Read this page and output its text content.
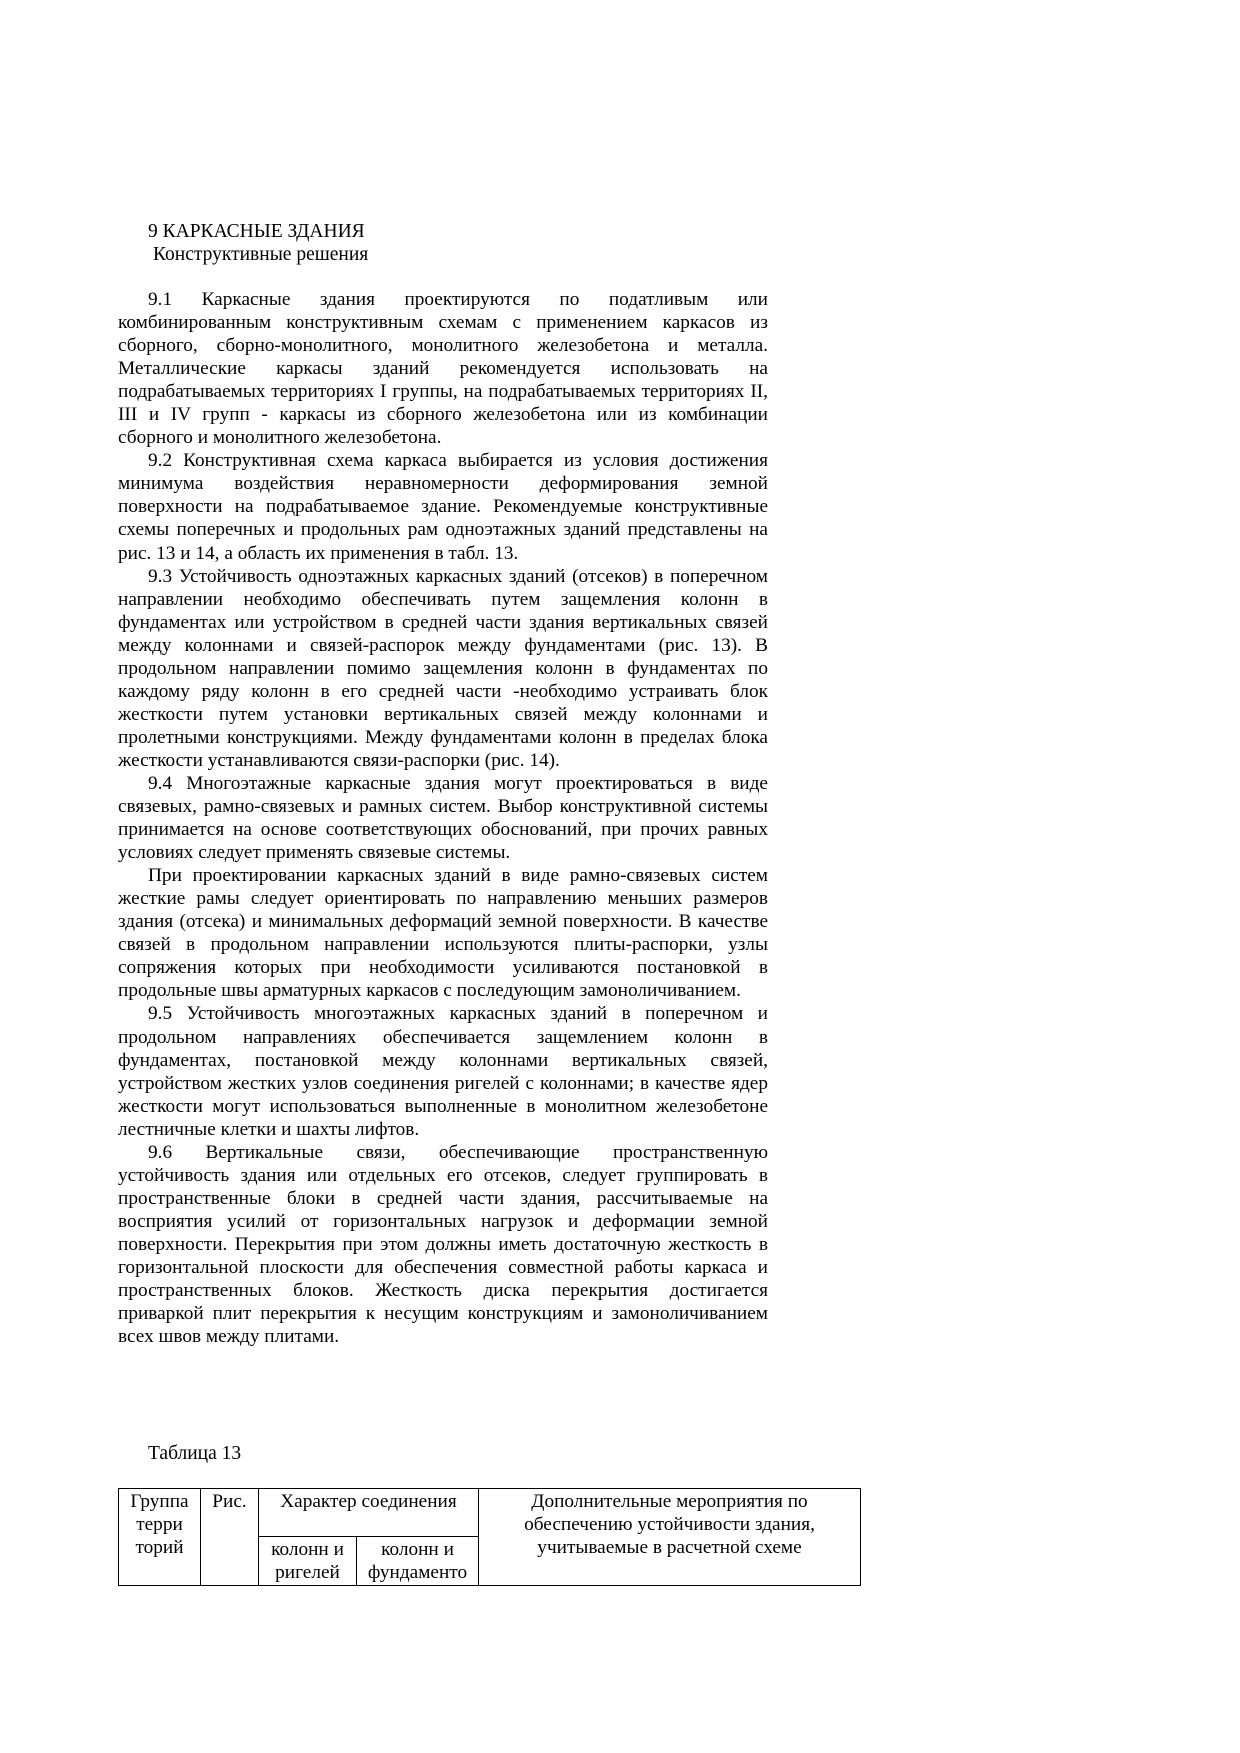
9 КАРКАСНЫЕ ЗДАНИЯ
Конструктивные решения

9.1 Каркасные здания проектируются по податливым или комбинированным конструктивным схемам с применением каркасов из сборного, сборно-монолитного, монолитного железобетона и металла. Металлические каркасы зданий рекомендуется использовать на подрабатываемых территориях I группы, на подрабатываемых территориях II, III и IV групп - каркасы из сборного железобетона или из комбинации сборного и монолитного железобетона.

9.2 Конструктивная схема каркаса выбирается из условия достижения минимума воздействия неравномерности деформирования земной поверхности на подрабатываемое здание. Рекомендуемые конструктивные схемы поперечных и продольных рам одноэтажных зданий представлены на рис. 13 и 14, а область их применения в табл. 13.

9.3 Устойчивость одноэтажных каркасных зданий (отсеков) в поперечном направлении необходимо обеспечивать путем защемления колонн в фундаментах или устройством в средней части здания вертикальных связей между колоннами и связей-распорок между фундаментами (рис. 13). В продольном направлении помимо защемления колонн в фундаментах по каждому ряду колонн в его средней части -необходимо устраивать блок жесткости путем установки вертикальных связей между колоннами и пролетными конструкциями. Между фундаментами колонн в пределах блока жесткости устанавливаются связи-распорки (рис. 14).

9.4 Многоэтажные каркасные здания могут проектироваться в виде связевых, рамно-связевых и рамных систем. Выбор конструктивной системы принимается на основе соответствующих обоснований, при прочих равных условиях следует применять связевые системы.

При проектировании каркасных зданий в виде рамно-связевых систем жесткие рамы следует ориентировать по направлению меньших размеров здания (отсека) и минимальных деформаций земной поверхности. В качестве связей в продольном направлении используются плиты-распорки, узлы сопряжения которых при необходимости усиливаются постановкой в продольные швы арматурных каркасов с последующим замоноличиванием.

9.5 Устойчивость многоэтажных каркасных зданий в поперечном и продольном направлениях обеспечивается защемлением колонн в фундаментах, постановкой между колоннами вертикальных связей, устройством жестких узлов соединения ригелей с колоннами; в качестве ядер жесткости могут использоваться выполненные в монолитном железобетоне лестничные клетки и шахты лифтов.

9.6 Вертикальные связи, обеспечивающие пространственную устойчивость здания или отдельных его отсеков, следует группировать в пространственные блоки в средней части здания, рассчитываемые на восприятия усилий от горизонтальных нагрузок и деформации земной поверхности. Перекрытия при этом должны иметь достаточную жесткость в горизонтальной плоскости для обеспечения совместной работы каркаса и пространственных блоков. Жесткость диска перекрытия достигается приваркой плит перекрытия к несущим конструкциям и замоноличиванием всех швов между плитами.

Таблица 13
Группа терри торий	Рис.	Характер соединения		Дополнительные мероприятия по обеспечению устойчивости здания, учитываемые в расчетной схеме
		колонн и ригелей	колонн и фундаменто	
